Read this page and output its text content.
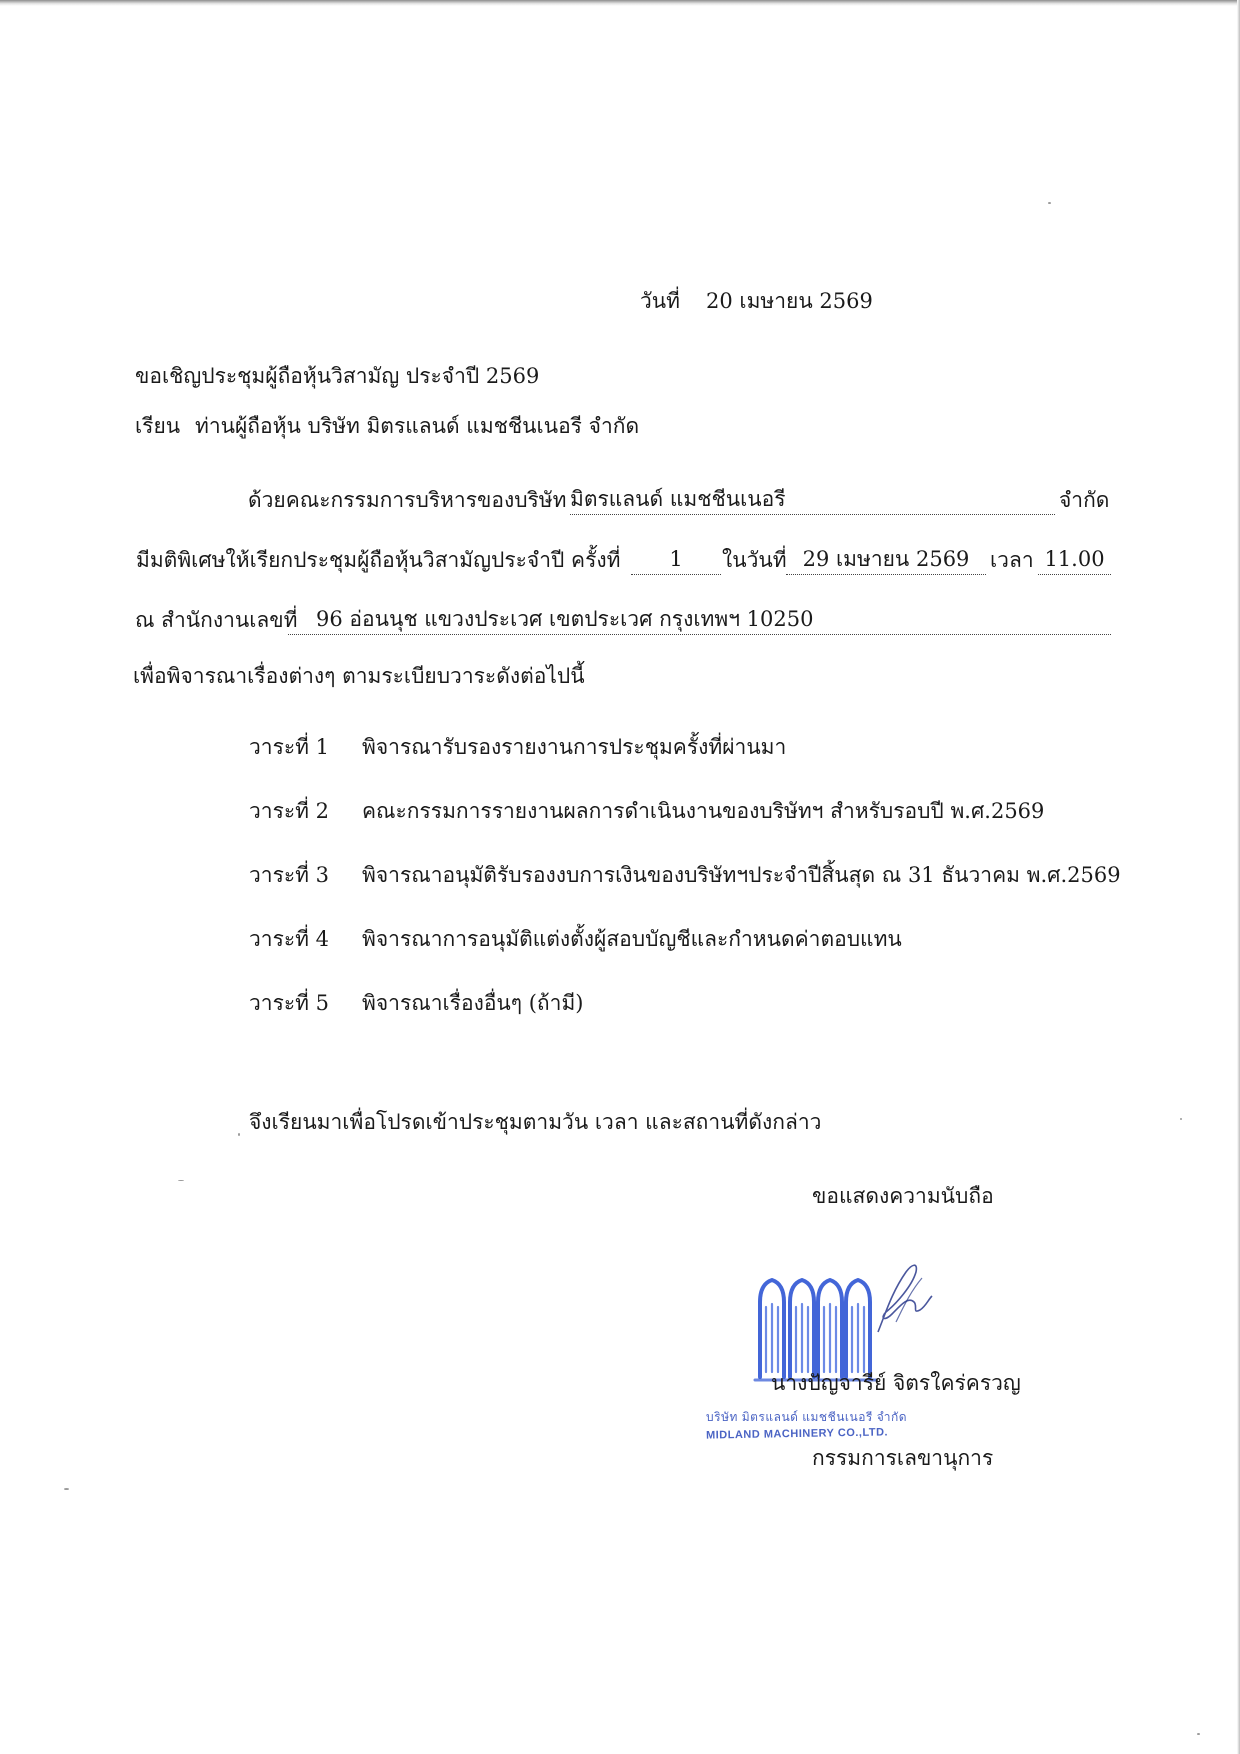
วันที่ 20 เมษายน 2569
ขอเชิญประชุมผู้ถือหุ้นวิสามัญ ประจำปี 2569
เรียน ท่านผู้ถือหุ้น บริษัท มิตรแลนด์ แมชชีนเนอรี จำกัด
ด้วยคณะกรรมการบริหารของบริษัท มิตรแลนด์ แมชชีนเนอรี	จำกัด
มีมติพิเศษให้เรียกประชุมผู้ถือหุ้นวิสามัญประจำปี ครั้งที่	1	ในวันที่ 29 เมษายน 2569 เวลา 11.00
ณ สำนักงานเลขที่ 96 อ่อนนุช แขวงประเวศ เขตประเวศ กรุงเทพฯ 10250
เพื่อพิจารณาเรื่องต่างๆ ตามระเบียบวาระดังต่อไปนี้
วาระที่ 1 พิจารณารับรองรายงานการประชุมครั้งที่ผ่านมา
วาระที่ 2 คณะกรรมการรายงานผลการดำเนินงานของบริษัทฯ สำหรับรอบปี พ.ศ.2569
วาระที่ 3 พิจารณาอนุมัติรับรองงบการเงินของบริษัทฯประจำปีสิ้นสุด ณ 31 ธันวาคม พ.ศ.2569
วาระที่ 4 พิจารณาการอนุมัติแต่งตั้งผู้สอบบัญชีและกำหนดค่าตอบแทน
วาระที่ 5 พิจารณาเรื่องอื่นๆ (ถ้ามี)
จึงเรียนมาเพื่อโปรดเข้าประชุมตามวัน เวลา และสถานที่ดังกล่าว
ขอแสดงความนับถือ
บริษัท มิตรแลนด์ แมชชีนเนอรี จำกัด
MIDLAND MACHINERY CO.,LTD.
นางปัญจารีย์ จิตรใคร่ครวญ
กรรมการเลขานุการ
